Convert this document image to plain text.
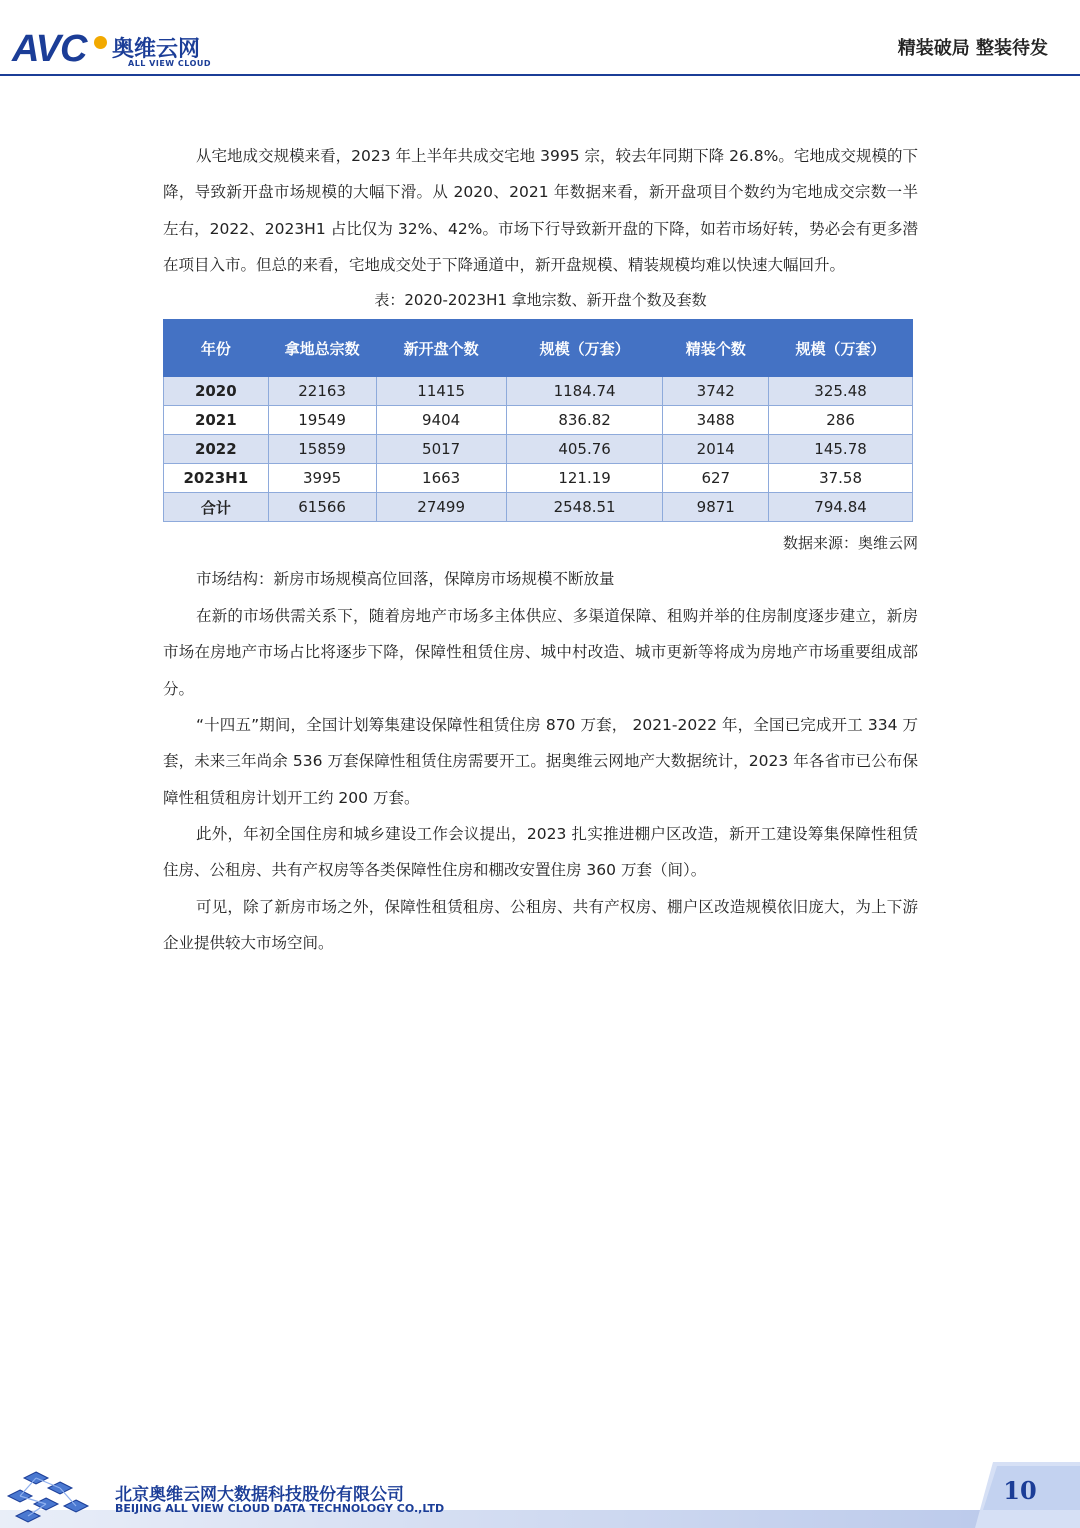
AVC 奥维云网
ALL VIEW CLOUD
精装破局 整装待发

从宅地成交规模来看，2023 年上半年共成交宅地 3995 宗，较去年同期下降 26.8%。宅地成交规模的下降，导致新开盘市场规模的大幅下滑。从 2020、2021 年数据来看，新开盘项目个数约为宅地成交宗数一半左右，2022、2023H1 占比仅为 32%、42%。市场下行导致新开盘的下降，如若市场好转，势必会有更多潜在项目入市。但总的来看，宅地成交处于下降通道中，新开盘规模、精装规模均难以快速大幅回升。

表：2020-2023H1 拿地宗数、新开盘个数及套数
年份	拿地总宗数	新开盘个数	规模（万套）	精装个数	规模（万套）
2020	22163	11415	1184.74	3742	325.48
2021	19549	9404	836.82	3488	286
2022	15859	5017	405.76	2014	145.78
2023H1	3995	1663	121.19	627	37.58
合计	61566	27499	2548.51	9871	794.84

数据来源：奥维云网

市场结构：新房市场规模高位回落，保障房市场规模不断放量

在新的市场供需关系下，随着房地产市场多主体供应、多渠道保障、租购并举的住房制度逐步建立，新房市场在房地产市场占比将逐步下降，保障性租赁住房、城中村改造、城市更新等将成为房地产市场重要组成部分。

“十四五”期间，全国计划筹集建设保障性租赁住房 870 万套， 2021-2022 年，全国已完成开工 334 万套，未来三年尚余 536 万套保障性租赁住房需要开工。据奥维云网地产大数据统计，2023 年各省市已公布保障性租赁租房计划开工约 200 万套。

此外，年初全国住房和城乡建设工作会议提出，2023 扎实推进棚户区改造，新开工建设筹集保障性租赁住房、公租房、共有产权房等各类保障性住房和棚改安置住房 360 万套（间）。

可见，除了新房市场之外，保障性租赁租房、公租房、共有产权房、棚户区改造规模依旧庞大，为上下游企业提供较大市场空间。

北京奥维云网大数据科技股份有限公司
BEIJING ALL VIEW CLOUD DATA TECHNOLOGY CO.,LTD
10
